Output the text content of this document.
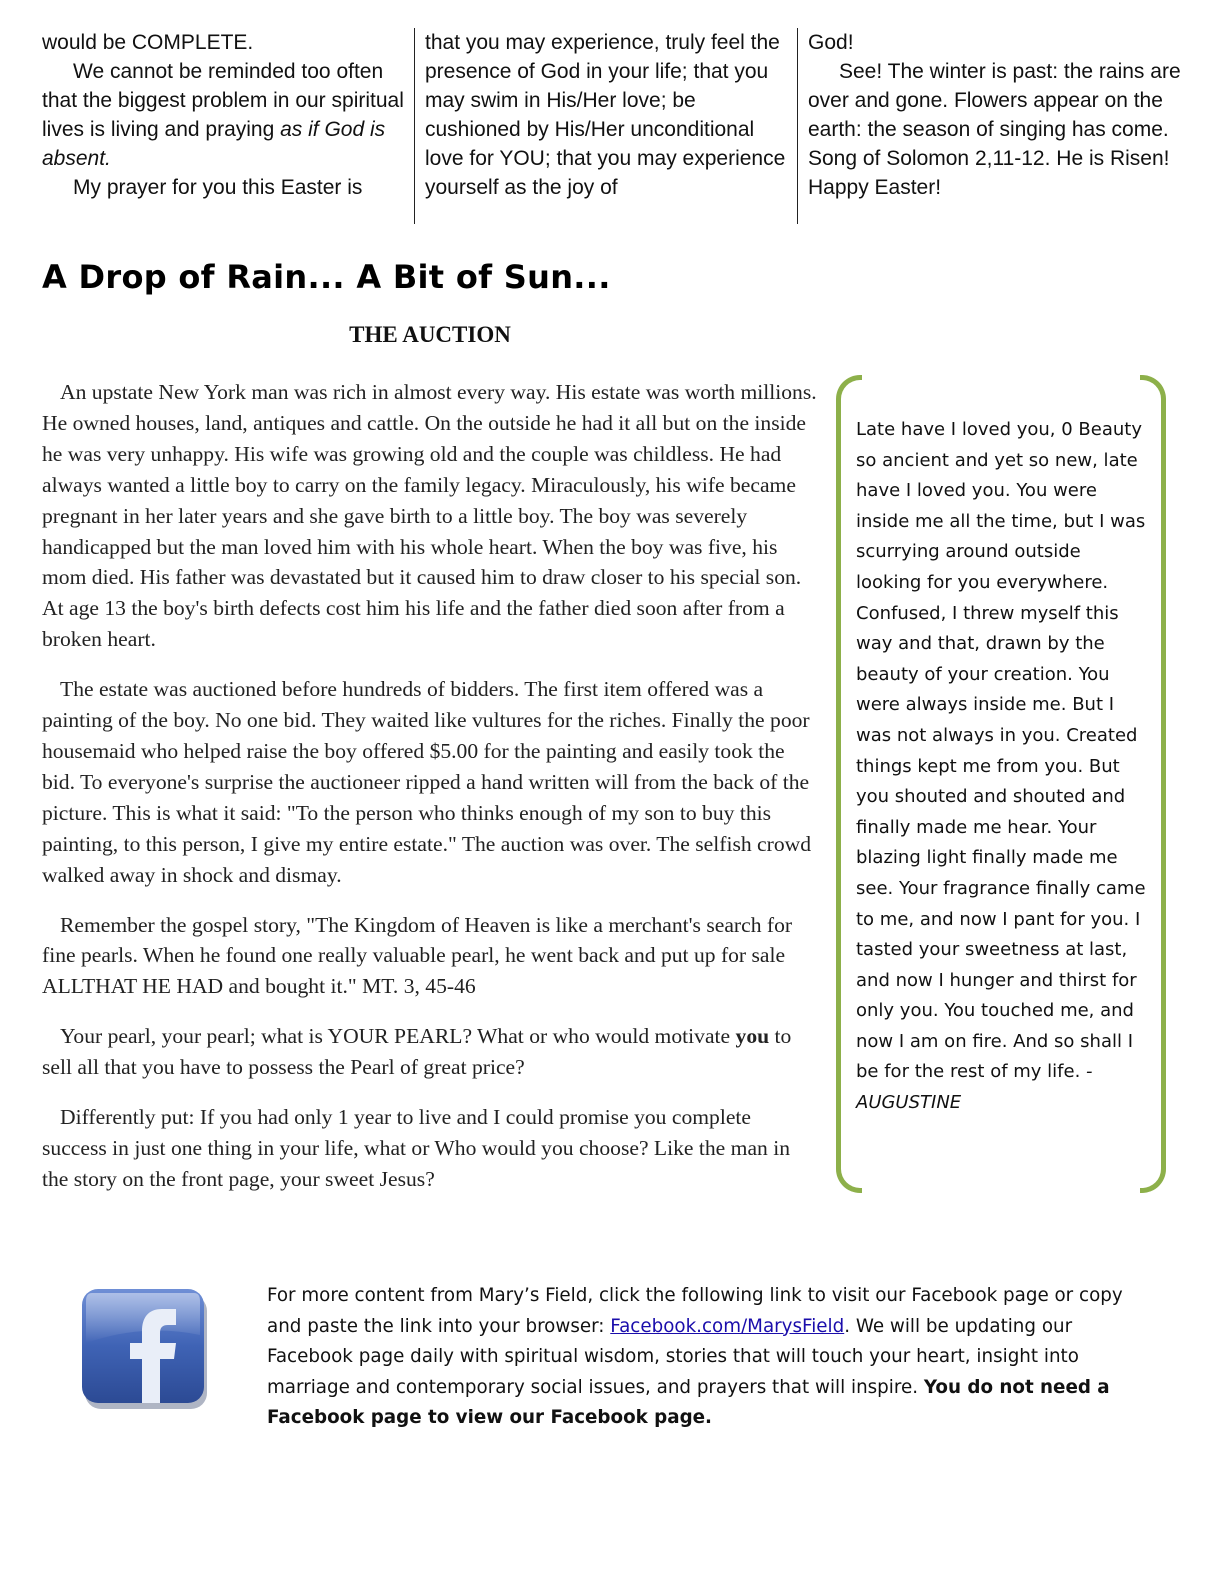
would be COMPLETE.

We cannot be reminded too often that the biggest problem in our spiritual lives is living and praying as if God is absent.

My prayer for you this Easter is

that you may experience, truly feel the presence of God in your life; that you may swim in His/Her love; be cushioned by His/Her unconditional love for YOU; that you may experience yourself as the joy of

God!

See! The winter is past: the rains are over and gone. Flowers appear on the earth: the season of singing has come. Song of Solomon 2,11-12. He is Risen! Happy Easter!

A Drop of Rain... A Bit of Sun...
THE AUCTION

An upstate New York man was rich in almost every way. His estate was worth millions. He owned houses, land, antiques and cattle. On the outside he had it all but on the inside he was very unhappy. His wife was growing old and the couple was childless. He had always wanted a little boy to carry on the family legacy. Miraculously, his wife became pregnant in her later years and she gave birth to a little boy. The boy was severely handicapped but the man loved him with his whole heart. When the boy was five, his mom died. His father was devastated but it caused him to draw closer to his special son. At age 13 the boy's birth defects cost him his life and the father died soon after from a broken heart.

The estate was auctioned before hundreds of bidders. The first item offered was a painting of the boy. No one bid. They waited like vultures for the riches. Finally the poor housemaid who helped raise the boy offered $5.00 for the painting and easily took the bid. To everyone's surprise the auctioneer ripped a hand written will from the back of the picture. This is what it said: "To the person who thinks enough of my son to buy this painting, to this person, I give my entire estate." The auction was over. The selfish crowd walked away in shock and dismay.

Remember the gospel story, "The Kingdom of Heaven is like a merchant's search for fine pearls. When he found one really valuable pearl, he went back and put up for sale ALLTHAT HE HAD and bought it." MT. 3, 45-46

Your pearl, your pearl; what is YOUR PEARL? What or who would motivate you to sell all that you have to possess the Pearl of great price?

Differently put: If you had only 1 year to live and I could promise you complete success in just one thing in your life, what or Who would you choose? Like the man in the story on the front page, your sweet Jesus?

Late have I loved you, 0 Beauty so ancient and yet so new, late have I loved you. You were inside me all the time, but I was scurrying around outside looking for you everywhere. Confused, I threw myself this way and that, drawn by the beauty of your creation. You were always inside me. But I was not always in you. Created things kept me from you. But you shouted and shouted and finally made me hear. Your blazing light finally made me see. Your fragrance finally came to me, and now I pant for you. I tasted your sweetness at last, and now I hunger and thirst for only you. You touched me, and now I am on fire. And so shall I be for the rest of my life. - AUGUSTINE
For more content from Mary’s Field, click the following link to visit our Facebook page or copy and paste the link into your browser: Facebook.com/MarysField. We will be updating our Facebook page daily with spiritual wisdom, stories that will touch your heart, insight into marriage and contemporary social issues, and prayers that will inspire. You do not need a Facebook page to view our Facebook page.
